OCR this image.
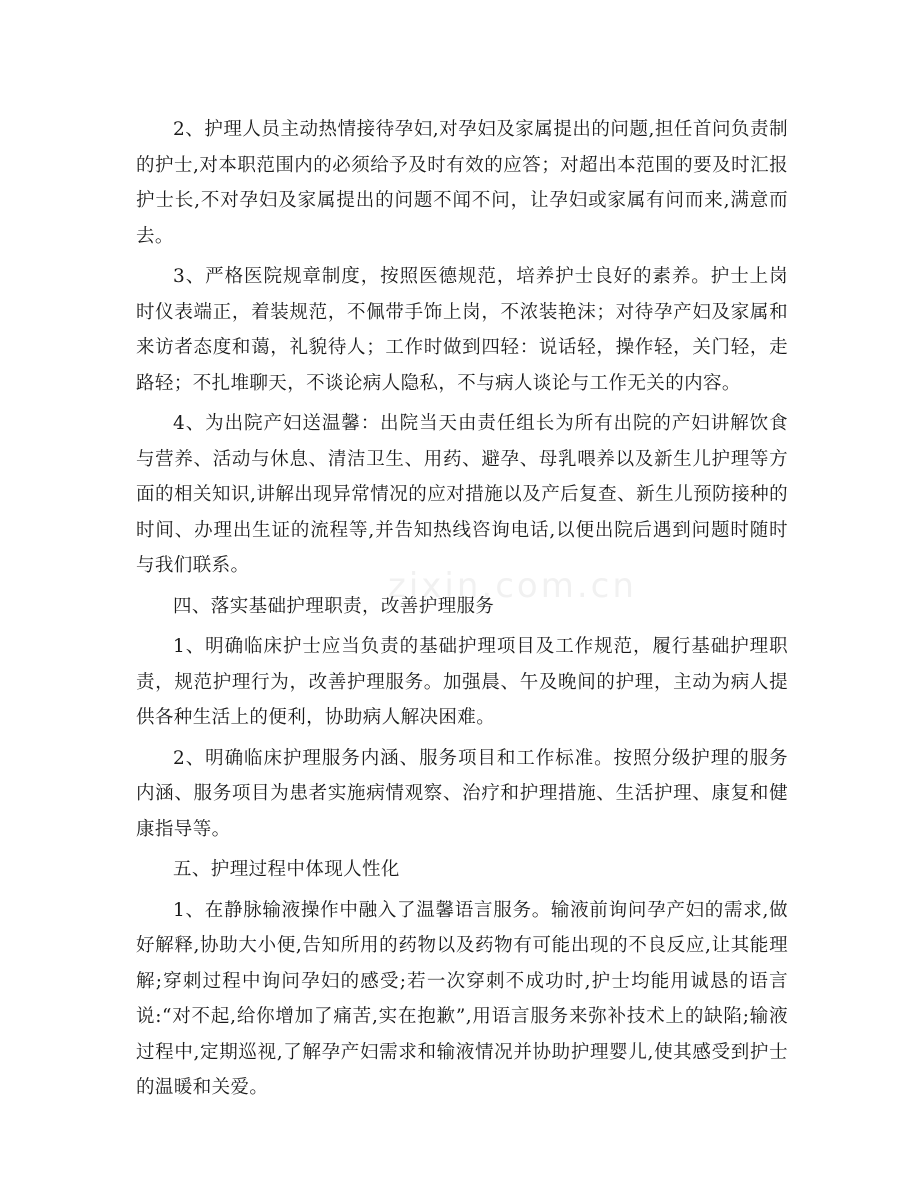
2、护理人员主动热情接待孕妇,对孕妇及家属提出的问题,担任首问负责制的护士,对本职范围内的必须给予及时有效的应答；对超出本范围的要及时汇报护士长,不对孕妇及家属提出的问题不闻不问，让孕妇或家属有问而来,满意而去。

3、严格医院规章制度，按照医德规范，培养护士良好的素养。护士上岗时仪表端正，着装规范，不佩带手饰上岗，不浓装艳沫；对待孕产妇及家属和来访者态度和蔼，礼貌待人；工作时做到四轻：说话轻，操作轻，关门轻，走路轻；不扎堆聊天，不谈论病人隐私，不与病人谈论与工作无关的内容。

4、为出院产妇送温馨：出院当天由责任组长为所有出院的产妇讲解饮食与营养、活动与休息、清洁卫生、用药、避孕、母乳喂养以及新生儿护理等方面的相关知识,讲解出现异常情况的应对措施以及产后复查、新生儿预防接种的时间、办理出生证的流程等,并告知热线咨询电话,以便出院后遇到问题时随时与我们联系。

四、落实基础护理职责，改善护理服务

1、明确临床护士应当负责的基础护理项目及工作规范，履行基础护理职责，规范护理行为，改善护理服务。加强晨、午及晚间的护理，主动为病人提供各种生活上的便利，协助病人解决困难。

2、明确临床护理服务内涵、服务项目和工作标准。按照分级护理的服务内涵、服务项目为患者实施病情观察、治疗和护理措施、生活护理、康复和健康指导等。

五、护理过程中体现人性化

1、在静脉输液操作中融入了温馨语言服务。输液前询问孕产妇的需求,做好解释,协助大小便,告知所用的药物以及药物有可能出现的不良反应,让其能理解;穿刺过程中询问孕妇的感受;若一次穿刺不成功时,护士均能用诚恳的语言说:“对不起,给你增加了痛苦,实在抱歉”,用语言服务来弥补技术上的缺陷;输液过程中,定期巡视,了解孕产妇需求和输液情况并协助护理婴儿,使其感受到护士的温暖和关爱。
